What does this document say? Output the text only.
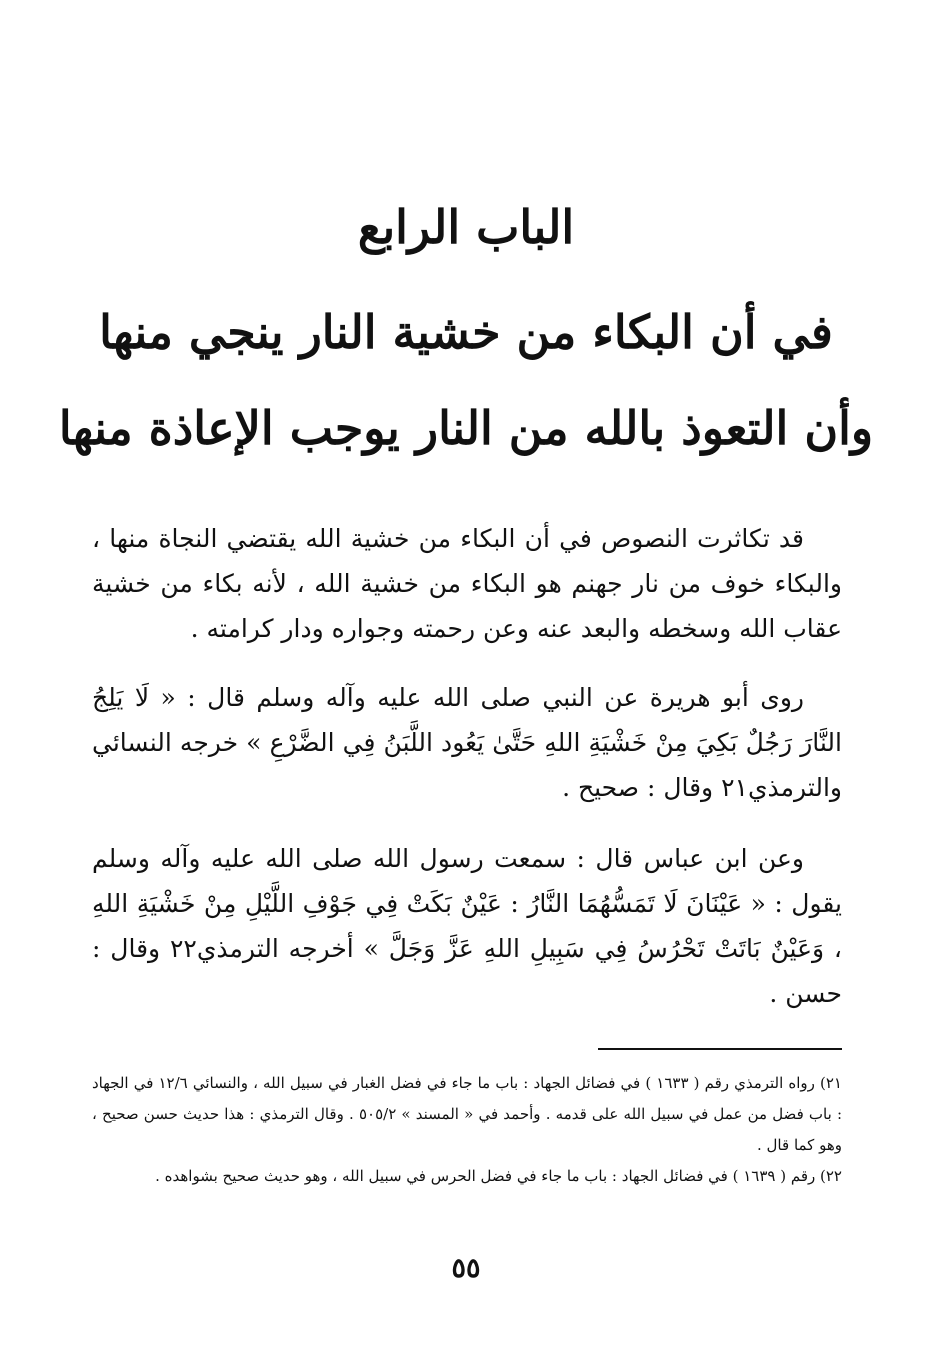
الباب الرابع
في أن البكاء من خشية النار ينجي منها
وأن التعوذ بالله من النار يوجب الإعاذة منها
قد تكاثرت النصوص في أن البكاء من خشية الله يقتضي النجاة منها ، والبكاء خوف من نار جهنم هو البكاء من خشية الله ، لأنه بكاء من خشية عقاب الله وسخطه والبعد عنه وعن رحمته وجواره ودار كرامته .
روى أبو هريرة عن النبي صلى الله عليه وآله وسلم قال : « لَا يَلِجُ النَّارَ رَجُلٌ بَكِيَ مِنْ خَشْيَةِ اللهِ حَتَّىٰ يَعُود اللَّبَنُ فِي الضَّرْعِ » خرجه النسائي والترمذي٢١ وقال : صحيح .
وعن ابن عباس قال : سمعت رسول الله صلى الله عليه وآله وسلم يقول : « عَيْنَانَ لَا تَمَسُّهُمَا النَّارُ : عَيْنٌ بَكَتْ فِي جَوْفِ اللَّيْلِ مِنْ خَشْيَةِ اللهِ ، وَعَيْنٌ بَاتَتْ تَحْرُسُ فِي سَبِيلِ اللهِ عَزَّ وَجَلَّ » أخرجه الترمذي٢٢ وقال : حسن .

٢١) رواه الترمذي رقم ( ١٦٣٣ ) في فضائل الجهاد : باب ما جاء في فضل الغبار في سبيل الله ، والنسائي ١٢/٦ في الجهاد : باب فضل من عمل في سبيل الله على قدمه . وأحمد في « المسند » ٥٠٥/٢ . وقال الترمذي : هذا حديث حسن صحيح ، وهو كما قال .

٢٢) رقم ( ١٦٣٩ ) في فضائل الجهاد : باب ما جاء في فضل الحرس في سبيل الله ، وهو حديث صحيح بشواهده .

٥٥
